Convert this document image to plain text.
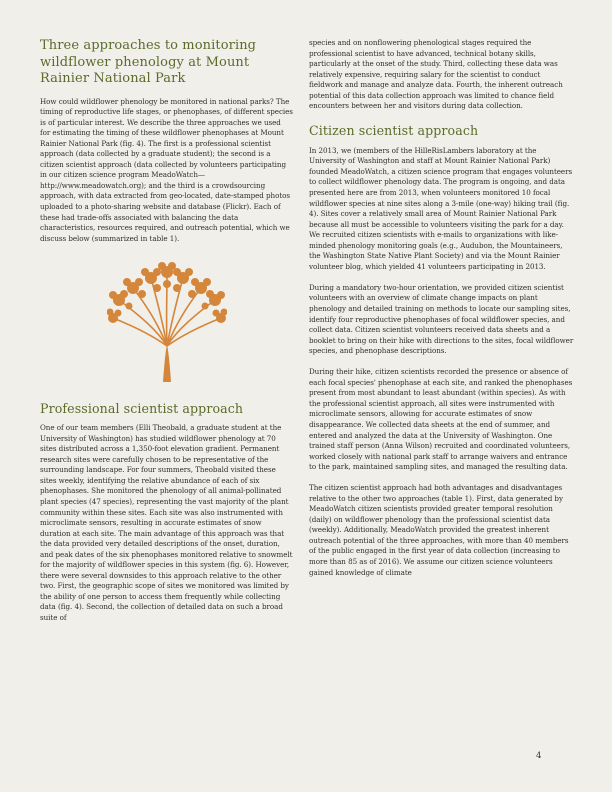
Three approaches to monitoring wildflower phenology at Mount Rainier National Park

How could wildflower phenology be monitored in national parks? The timing of reproductive life stages, or phenophases, of different species is of particular interest. We describe the three approaches we used for estimating the timing of these wildflower phenophases at Mount Rainier National Park (fig. 4). The first is a professional scientist approach (data collected by a graduate student); the second is a citizen scientist approach (data collected by volunteers participating in our citizen science program MeadoWatch—http://www.meadowatch.org); and the third is a crowdsourcing approach, with data extracted from geo-located, date-stamped photos uploaded to a photo-sharing website and database (Flickr). Each of these had trade-offs associated with balancing the data characteristics, resources required, and outreach potential, which we discuss below (summarized in table 1).

Professional scientist approach

One of our team members (Elli Theobald, a graduate student at the University of Washington) has studied wildflower phenology at 70 sites distributed across a 1,350-foot elevation gradient. Permanent research sites were carefully chosen to be representative of the surrounding landscape. For four summers, Theobald visited these sites weekly, identifying the relative abundance of each of six phenophases. She monitored the phenology of all animal-pollinated plant species (47 species), representing the vast majority of the plant community within these sites. Each site was also instrumented with microclimate sensors, resulting in accurate estimates of snow duration at each site. The main advantage of this approach was that the data provided very detailed descriptions of the onset, duration, and peak dates of the six phenophases monitored relative to snowmelt for the majority of wildflower species in this system (fig. 6). However, there were several downsides to this approach relative to the other two. First, the geographic scope of sites we monitored was limited by the ability of one person to access them frequently while collecting data (fig. 4). Second, the collection of detailed data on such a broad suite of

species and on nonflowering phenological stages required the professional scientist to have advanced, technical botany skills, particularly at the onset of the study. Third, collecting these data was relatively expensive, requiring salary for the scientist to conduct fieldwork and manage and analyze data. Fourth, the inherent outreach potential of this data collection approach was limited to chance field encounters between her and visitors during data collection.

Citizen scientist approach

In 2013, we (members of the HilleRisLambers laboratory at the University of Washington and staff at Mount Rainier National Park) founded MeadoWatch, a citizen science program that engages volunteers to collect wildflower phenology data. The program is ongoing, and data presented here are from 2013, when volunteers monitored 10 focal wildflower species at nine sites along a 3-mile (one-way) hiking trail (fig. 4). Sites cover a relatively small area of Mount Rainier National Park because all must be accessible to volunteers visiting the park for a day. We recruited citizen scientists with e-mails to organizations with like-minded phenology monitoring goals (e.g., Audubon, the Mountaineers, the Washington State Native Plant Society) and via the Mount Rainier volunteer blog, which yielded 41 volunteers participating in 2013.

During a mandatory two-hour orientation, we provided citizen scientist volunteers with an overview of climate change impacts on plant phenology and detailed training on methods to locate our sampling sites, identify four reproductive phenophases of focal wildflower species, and collect data. Citizen scientist volunteers received data sheets and a booklet to bring on their hike with directions to the sites, focal wildflower species, and phenophase descriptions.

During their hike, citizen scientists recorded the presence or absence of each focal species' phenophase at each site, and ranked the phenophases present from most abundant to least abundant (within species). As with the professional scientist approach, all sites were instrumented with microclimate sensors, allowing for accurate estimates of snow disappearance. We collected data sheets at the end of summer, and entered and analyzed the data at the University of Washington. One trained staff person (Anna Wilson) recruited and coordinated volunteers, worked closely with national park staff to arrange waivers and entrance to the park, maintained sampling sites, and managed the resulting data.

The citizen scientist approach had both advantages and disadvantages relative to the other two approaches (table 1). First, data generated by MeadoWatch citizen scientists provided greater temporal resolution (daily) on wildflower phenology than the professional scientist data (weekly). Additionally, MeadoWatch provided the greatest inherent outreach potential of the three approaches, with more than 40 members of the public engaged in the first year of data collection (increasing to more than 85 as of 2016). We assume our citizen science volunteers gained knowledge of climate

4
